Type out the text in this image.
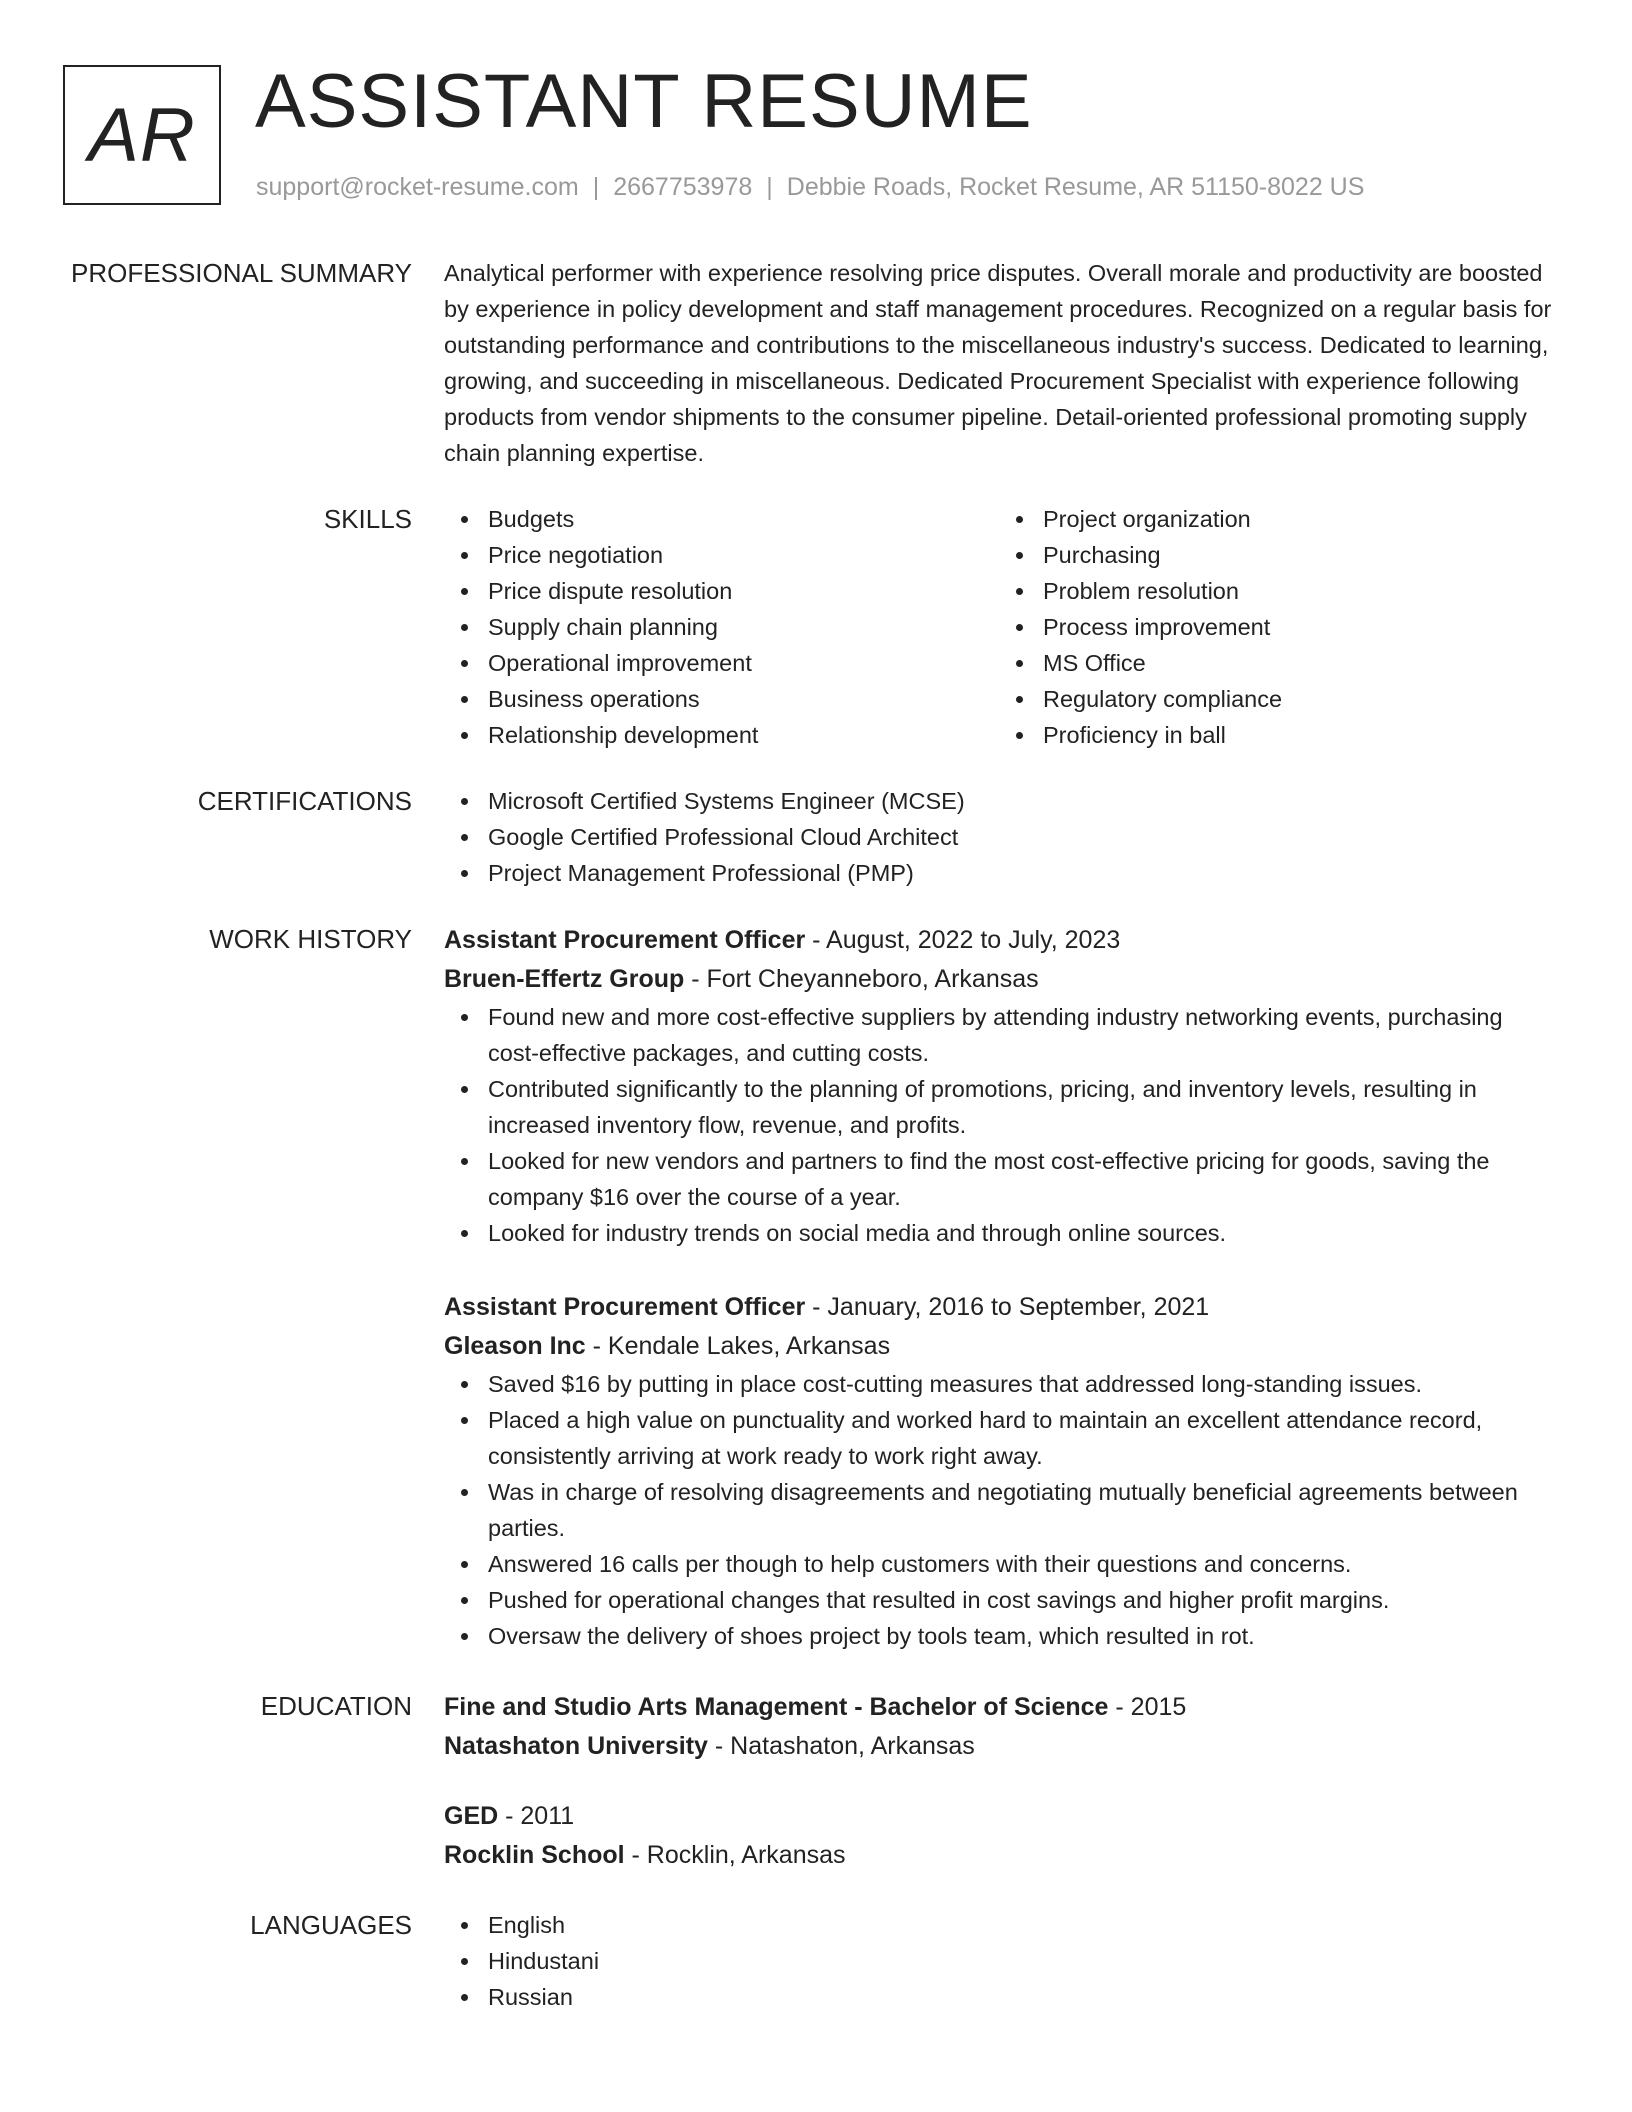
AR ASSISTANT RESUME
support@rocket-resume.com | 2667753978 | Debbie Roads, Rocket Resume, AR 51150-8022 US
PROFESSIONAL SUMMARY Analytical performer with experience resolving price disputes. Overall morale and productivity are boosted by experience in policy development and staff management procedures. Recognized on a regular basis for outstanding performance and contributions to the miscellaneous industry's success. Dedicated to learning, growing, and succeeding in miscellaneous. Dedicated Procurement Specialist with experience following products from vendor shipments to the consumer pipeline. Detail-oriented professional promoting supply chain planning expertise.

SKILLS	Budgets
Price negotiation
Price dispute resolution
Supply chain planning
Operational improvement
Business operations
Relationship development
Project organization
Purchasing
Problem resolution
Process improvement
MS Office
Regulatory compliance
Proficiency in ball
CERTIFICATIONS	Microsoft Certified Systems Engineer (MCSE)
Google Certified Professional Cloud Architect
Project Management Professional (PMP)
WORK HISTORY Assistant Procurement Officer - August, 2022 to July, 2023
Bruen-Effertz Group - Fort Cheyanneboro, Arkansas
Found new and more cost-effective suppliers by attending industry networking events, purchasing cost-effective packages, and cutting costs.
Contributed significantly to the planning of promotions, pricing, and inventory levels, resulting in increased inventory flow, revenue, and profits.
Looked for new vendors and partners to find the most cost-effective pricing for goods, saving the company $16 over the course of a year.
Looked for industry trends on social media and through online sources.
Assistant Procurement Officer - January, 2016 to September, 2021
Gleason Inc - Kendale Lakes, Arkansas
Saved $16 by putting in place cost-cutting measures that addressed long-standing issues.
Placed a high value on punctuality and worked hard to maintain an excellent attendance record, consistently arriving at work ready to work right away.
Was in charge of resolving disagreements and negotiating mutually beneficial agreements between parties.
Answered 16 calls per though to help customers with their questions and concerns.
Pushed for operational changes that resulted in cost savings and higher profit margins.
Oversaw the delivery of shoes project by tools team, which resulted in rot.
EDUCATION Fine and Studio Arts Management - Bachelor of Science - 2015
Natashaton University - Natashaton, Arkansas
GED - 2011
Rocklin School - Rocklin, Arkansas
LANGUAGES	English
Hindustani
Russian
